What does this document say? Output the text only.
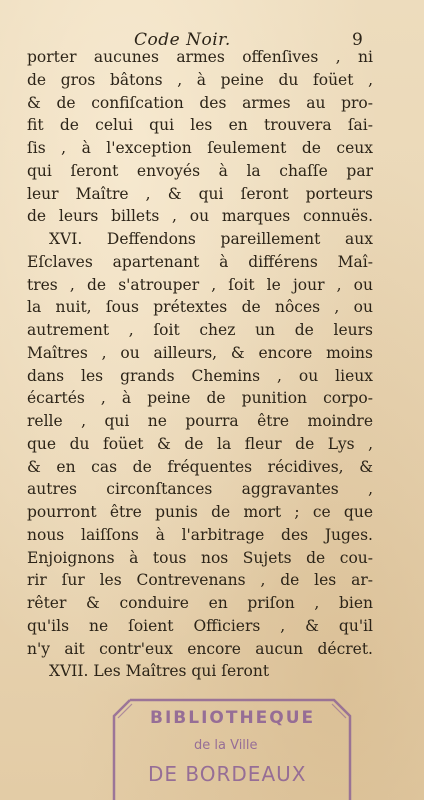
Code Noir.	9
porter aucunes armes offenſives , ni
de gros bâtons , à peine du foüet ,
& de confiſcation des armes au pro-
fit de celui qui les en trouvera ſai-
ſis , à l'exception ſeulement de ceux
qui ſeront envoyés à la chaſſe par
leur Maître , & qui ſeront porteurs
de leurs billets , ou marques connuës.
XVI. Deffendons pareillement aux
Eſclaves apartenant à différens Maî-
tres , de s'atrouper , ſoit le jour , ou
la nuit, ſous prétextes de nôces , ou
autrement , ſoit chez un de leurs
Maîtres , ou ailleurs, & encore moins
dans les grands Chemins , ou lieux
écartés , à peine de punition corpo-
relle , qui ne pourra être moindre
que du foüet & de la fleur de Lys ,
& en cas de fréquentes récidives, &
autres circonſtances aggravantes ,
pourront être punis de mort ; ce que
nous laiſſons à l'arbitrage des Juges.
Enjoignons à tous nos Sujets de cou-
rir ſur les Contrevenans , de les ar-
rêter & conduire en priſon , bien
qu'ils ne ſoient Officiers , & qu'il
n'y ait contr'eux encore aucun décret.
XVII. Les Maîtres qui ſeront
BIBLIOTHEQUE
de la Ville
DE BORDEAUX
